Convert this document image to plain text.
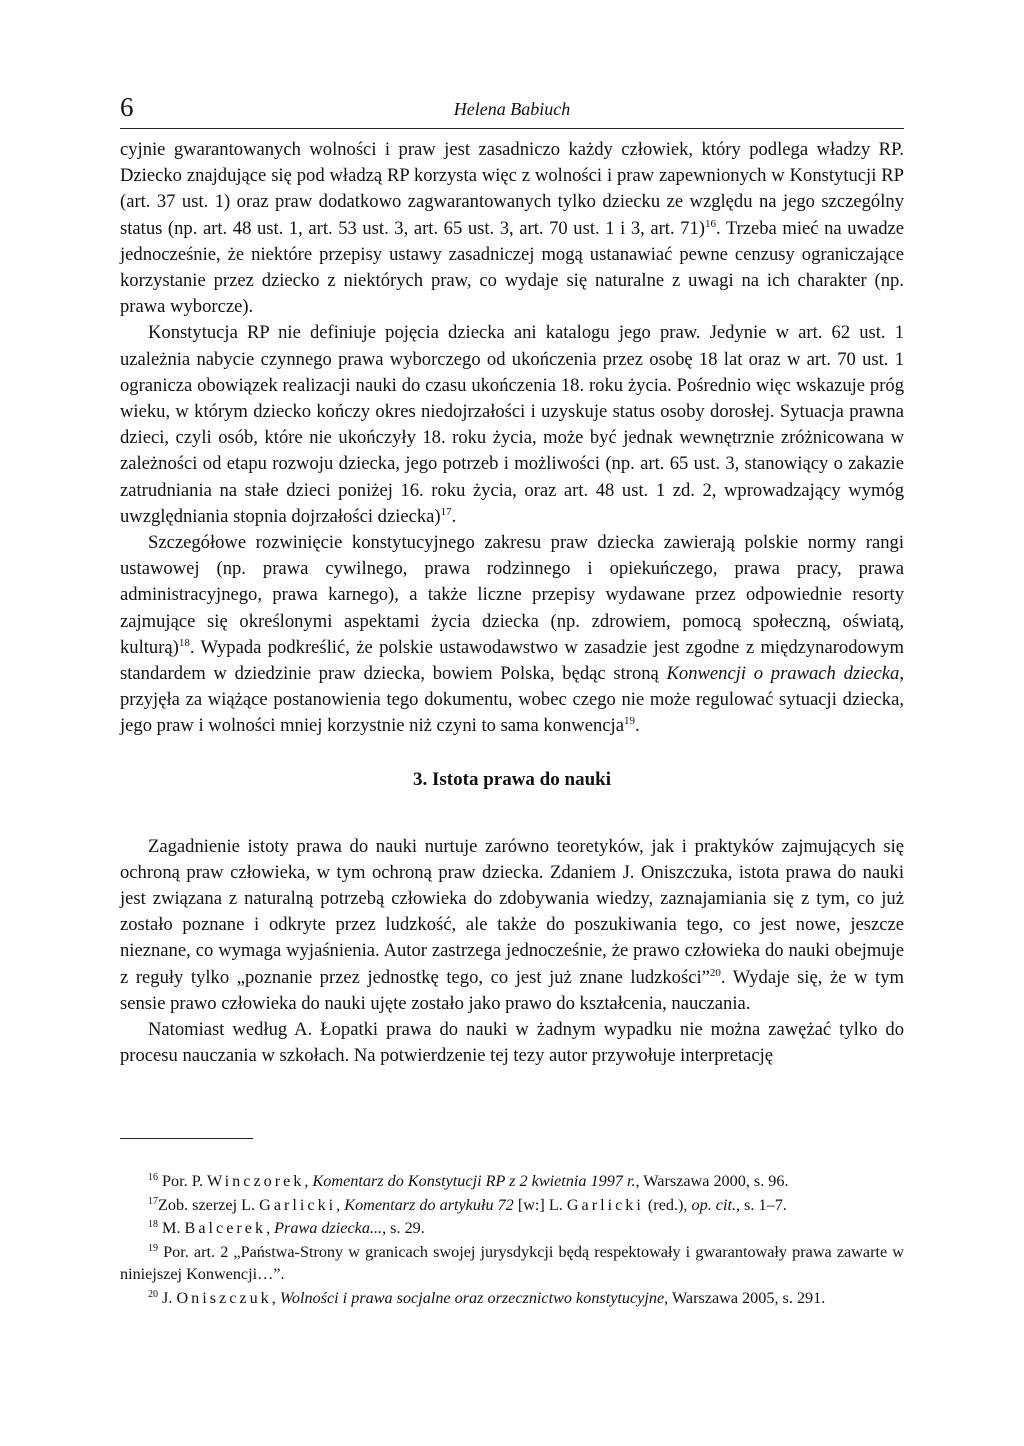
6	Helena Babiuch

cyjnie gwarantowanych wolności i praw jest zasadniczo każdy człowiek, który podlega władzy RP. Dziecko znajdujące się pod władzą RP korzysta więc z wolności i praw zapewnionych w Konstytucji RP (art. 37 ust. 1) oraz praw dodatkowo zagwarantowanych tylko dziecku ze względu na jego szczególny status (np. art. 48 ust. 1, art. 53 ust. 3, art. 65 ust. 3, art. 70 ust. 1 i 3, art. 71)$^{16}$. Trzeba mieć na uwadze jednocześnie, że niektóre przepisy ustawy zasadniczej mogą ustanawiać pewne cenzusy ograniczające korzystanie przez dziecko z niektórych praw, co wydaje się naturalne z uwagi na ich charakter (np. prawa wyborcze).

Konstytucja RP nie definiuje pojęcia dziecka ani katalogu jego praw. Jedynie w art. 62 ust. 1 uzależnia nabycie czynnego prawa wyborczego od ukończenia przez osobę 18 lat oraz w art. 70 ust. 1 ogranicza obowiązek realizacji nauki do czasu ukończenia 18. roku życia. Pośrednio więc wskazuje próg wieku, w którym dziecko kończy okres niedojrzałości i uzyskuje status osoby dorosłej. Sytuacja prawna dzieci, czyli osób, które nie ukończyły 18. roku życia, może być jednak wewnętrznie zróżnicowana w zależności od etapu rozwoju dziecka, jego potrzeb i możliwości (np. art. 65 ust. 3, stanowiący o zakazie zatrudniania na stałe dzieci poniżej 16. roku życia, oraz art. 48 ust. 1 zd. 2, wprowadzający wymóg uwzględniania stopnia dojrzałości dziecka)$^{17}$.

Szczegółowe rozwinięcie konstytucyjnego zakresu praw dziecka zawierają polskie normy rangi ustawowej (np. prawa cywilnego, prawa rodzinnego i opiekuńczego, prawa pracy, prawa administracyjnego, prawa karnego), a także liczne przepisy wydawane przez odpowiednie resorty zajmujące się określonymi aspektami życia dziecka (np. zdrowiem, pomocą społeczną, oświatą, kulturą)$^{18}$. Wypada podkreślić, że polskie ustawodawstwo w zasadzie jest zgodne z międzynarodowym standardem w dziedzinie praw dziecka, bowiem Polska, będąc stroną Konwencji o prawach dziecka, przyjęła za wiążące postanowienia tego dokumentu, wobec czego nie może regulować sytuacji dziecka, jego praw i wolności mniej korzystnie niż czyni to sama konwencja$^{19}$.

3. Istota prawa do nauki

Zagadnienie istoty prawa do nauki nurtuje zarówno teoretyków, jak i praktyków zajmujących się ochroną praw człowieka, w tym ochroną praw dziecka. Zdaniem J. Oniszczuka, istota prawa do nauki jest związana z naturalną potrzebą człowieka do zdobywania wiedzy, zaznajamiania się z tym, co już zostało poznane i odkryte przez ludzkość, ale także do poszukiwania tego, co jest nowe, jeszcze nieznane, co wymaga wyjaśnienia. Autor zastrzega jednocześnie, że prawo człowieka do nauki obejmuje z reguły tylko „poznanie przez jednostkę tego, co jest już znane ludzkości”$^{20}$. Wydaje się, że w tym sensie prawo człowieka do nauki ujęte zostało jako prawo do kształcenia, nauczania.

Natomiast według A. Łopatki prawa do nauki w żadnym wypadku nie można zawężać tylko do procesu nauczania w szkołach. Na potwierdzenie tej tezy autor przywołuje interpretację

$^{16}$ Por. P. Winczorek, Komentarz do Konstytucji RP z 2 kwietnia 1997 r., Warszawa 2000, s. 96.

$^{17}$Zob. szerzej L. Garlicki, Komentarz do artykułu 72 [w:] L. Garlicki (red.), op. cit., s. 1–7.

$^{18}$ M. Balcerek, Prawa dziecka..., s. 29.

$^{19}$ Por. art. 2 „Państwa-Strony w granicach swojej jurysdykcji będą respektowały i gwarantowały prawa zawarte w niniejszej Konwencji…”.

$^{20}$ J. Oniszczuk, Wolności i prawa socjalne oraz orzecznictwo konstytucyjne, Warszawa 2005, s. 291.
